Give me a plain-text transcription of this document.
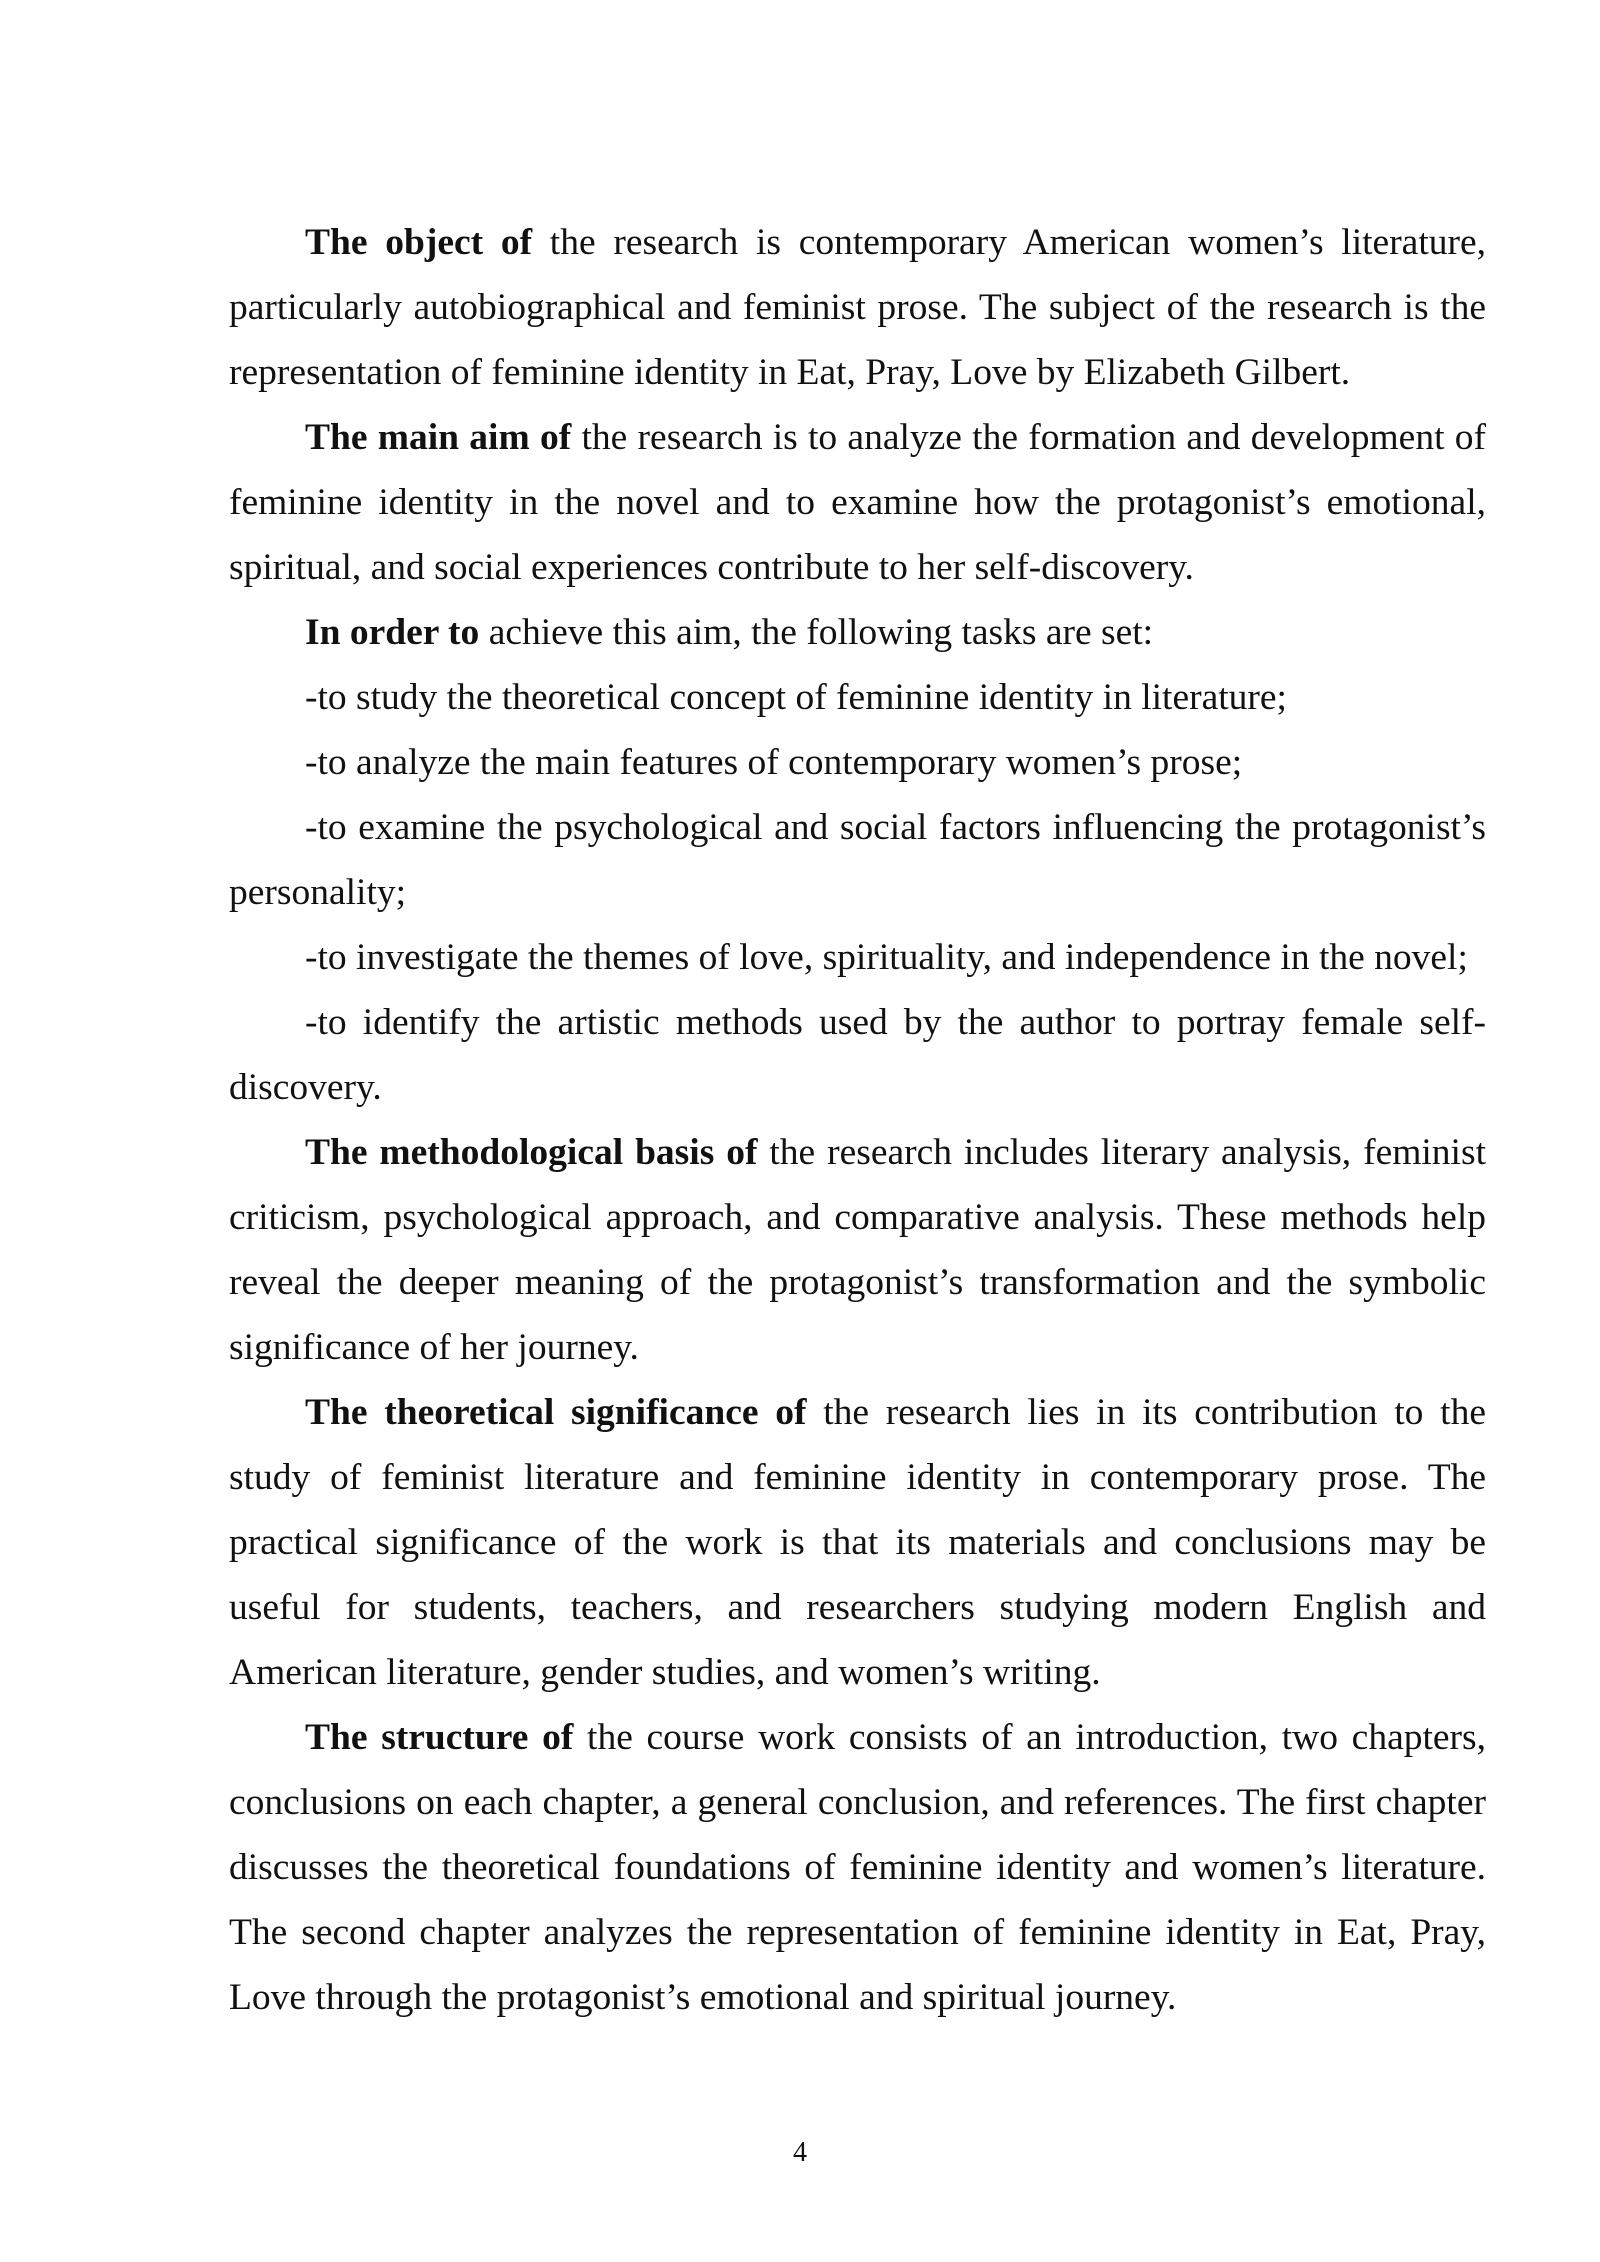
The object of the research is contemporary American women’s literature, particularly autobiographical and feminist prose. The subject of the research is the representation of feminine identity in Eat, Pray, Love by Elizabeth Gilbert.

The main aim of the research is to analyze the formation and development of feminine identity in the novel and to examine how the protagonist’s emotional, spiritual, and social experiences contribute to her self-discovery.

In order to achieve this aim, the following tasks are set:

-to study the theoretical concept of feminine identity in literature;

-to analyze the main features of contemporary women’s prose;

-to examine the psychological and social factors influencing the protagonist’s personality;

-to investigate the themes of love, spirituality, and independence in the novel;

-to identify the artistic methods used by the author to portray female self-discovery.

The methodological basis of the research includes literary analysis, feminist criticism, psychological approach, and comparative analysis. These methods help reveal the deeper meaning of the protagonist’s transformation and the symbolic significance of her journey.

The theoretical significance of the research lies in its contribution to the study of feminist literature and feminine identity in contemporary prose. The practical significance of the work is that its materials and conclusions may be useful for students, teachers, and researchers studying modern English and American literature, gender studies, and women’s writing.

The structure of the course work consists of an introduction, two chapters, conclusions on each chapter, a general conclusion, and references. The first chapter discusses the theoretical foundations of feminine identity and women’s literature. The second chapter analyzes the representation of feminine identity in Eat, Pray, Love through the protagonist’s emotional and spiritual journey.

4
